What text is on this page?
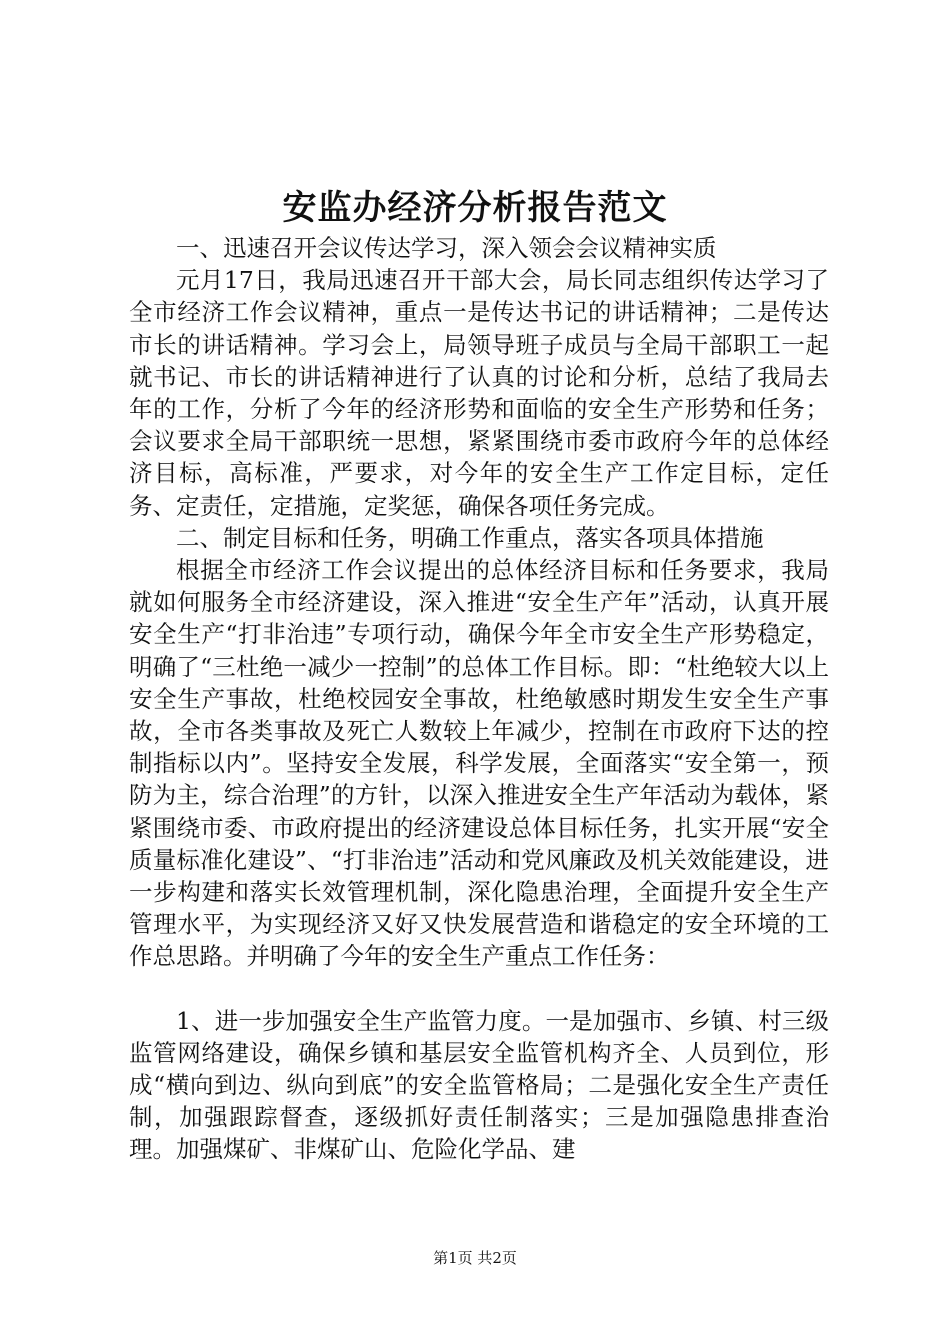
安监办经济分析报告范文

一、迅速召开会议传达学习，深入领会会议精神实质

元月17日，我局迅速召开干部大会，局长同志组织传达学习了全市经济工作会议精神，重点一是传达书记的讲话精神；二是传达市长的讲话精神。学习会上，局领导班子成员与全局干部职工一起就书记、市长的讲话精神进行了认真的讨论和分析，总结了我局去年的工作，分析了今年的经济形势和面临的安全生产形势和任务；会议要求全局干部职统一思想，紧紧围绕市委市政府今年的总体经济目标，高标准，严要求，对今年的安全生产工作定目标，定任务、定责任，定措施，定奖惩，确保各项任务完成。

二、制定目标和任务，明确工作重点，落实各项具体措施

根据全市经济工作会议提出的总体经济目标和任务要求，我局就如何服务全市经济建设，深入推进“安全生产年”活动，认真开展安全生产“打非治违”专项行动，确保今年全市安全生产形势稳定，明确了“三杜绝一减少一控制”的总体工作目标。即：“杜绝较大以上安全生产事故，杜绝校园安全事故，杜绝敏感时期发生安全生产事故，全市各类事故及死亡人数较上年减少，控制在市政府下达的控制指标以内”。坚持安全发展，科学发展，全面落实“安全第一，预防为主，综合治理”的方针，以深入推进安全生产年活动为载体，紧紧围绕市委、市政府提出的经济建设总体目标任务，扎实开展“安全质量标准化建设”、“打非治违”活动和党风廉政及机关效能建设，进一步构建和落实长效管理机制，深化隐患治理，全面提升安全生产管理水平，为实现经济又好又快发展营造和谐稳定的安全环境的工作总思路。并明确了今年的安全生产重点工作任务：

1、进一步加强安全生产监管力度。一是加强市、乡镇、村三级监管网络建设，确保乡镇和基层安全监管机构齐全、人员到位，形成“横向到边、纵向到底”的安全监管格局；二是强化安全生产责任制，加强跟踪督查，逐级抓好责任制落实；三是加强隐患排查治理。加强煤矿、非煤矿山、危险化学品、建

第1页 共2页
